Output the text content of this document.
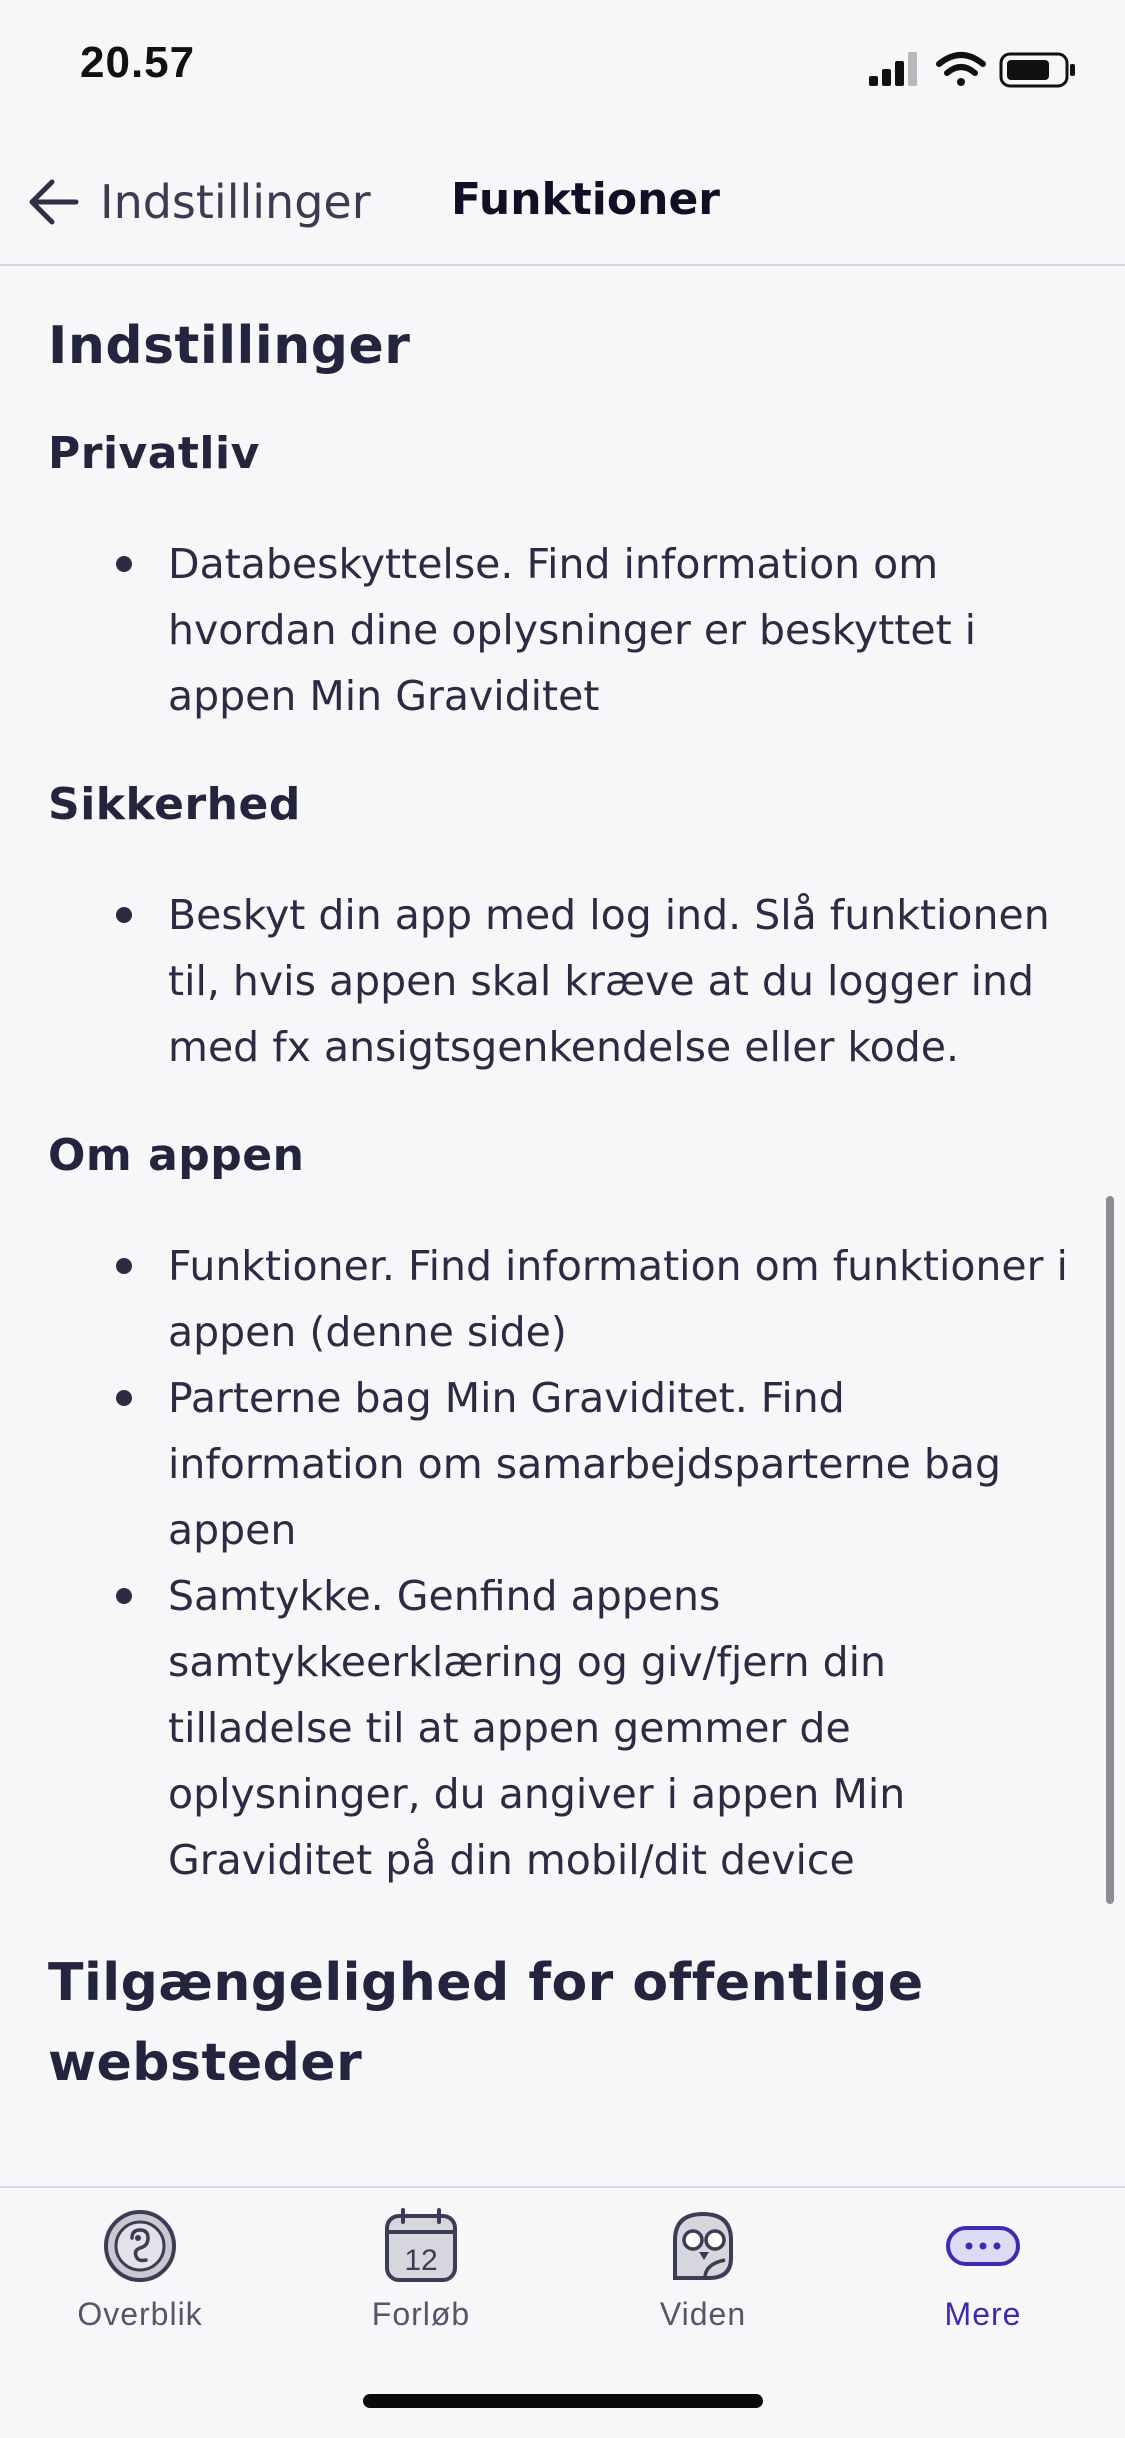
20.57
Indstillinger Funktioner
Indstillinger
Privatliv
Databeskyttelse. Find information om hvordan dine oplysninger er beskyttet i appen Min Graviditet
Sikkerhed
Beskyt din app med log ind. Slå funktionen til, hvis appen skal kræve at du logger ind med fx ansigtsgenkendelse eller kode.
Om appen
Funktioner. Find information om funktioner i appen (denne side)
Parterne bag Min Graviditet. Find information om samarbejdsparterne bag appen
Samtykke. Genfind appens samtykkeerklæring og giv/fjern din tilladelse til at appen gemmer de oplysninger, du angiver i appen Min Graviditet på din mobil/dit device
Tilgængelighed for offentlige websteder
Overblik
12
Forløb	Viden	Mere
